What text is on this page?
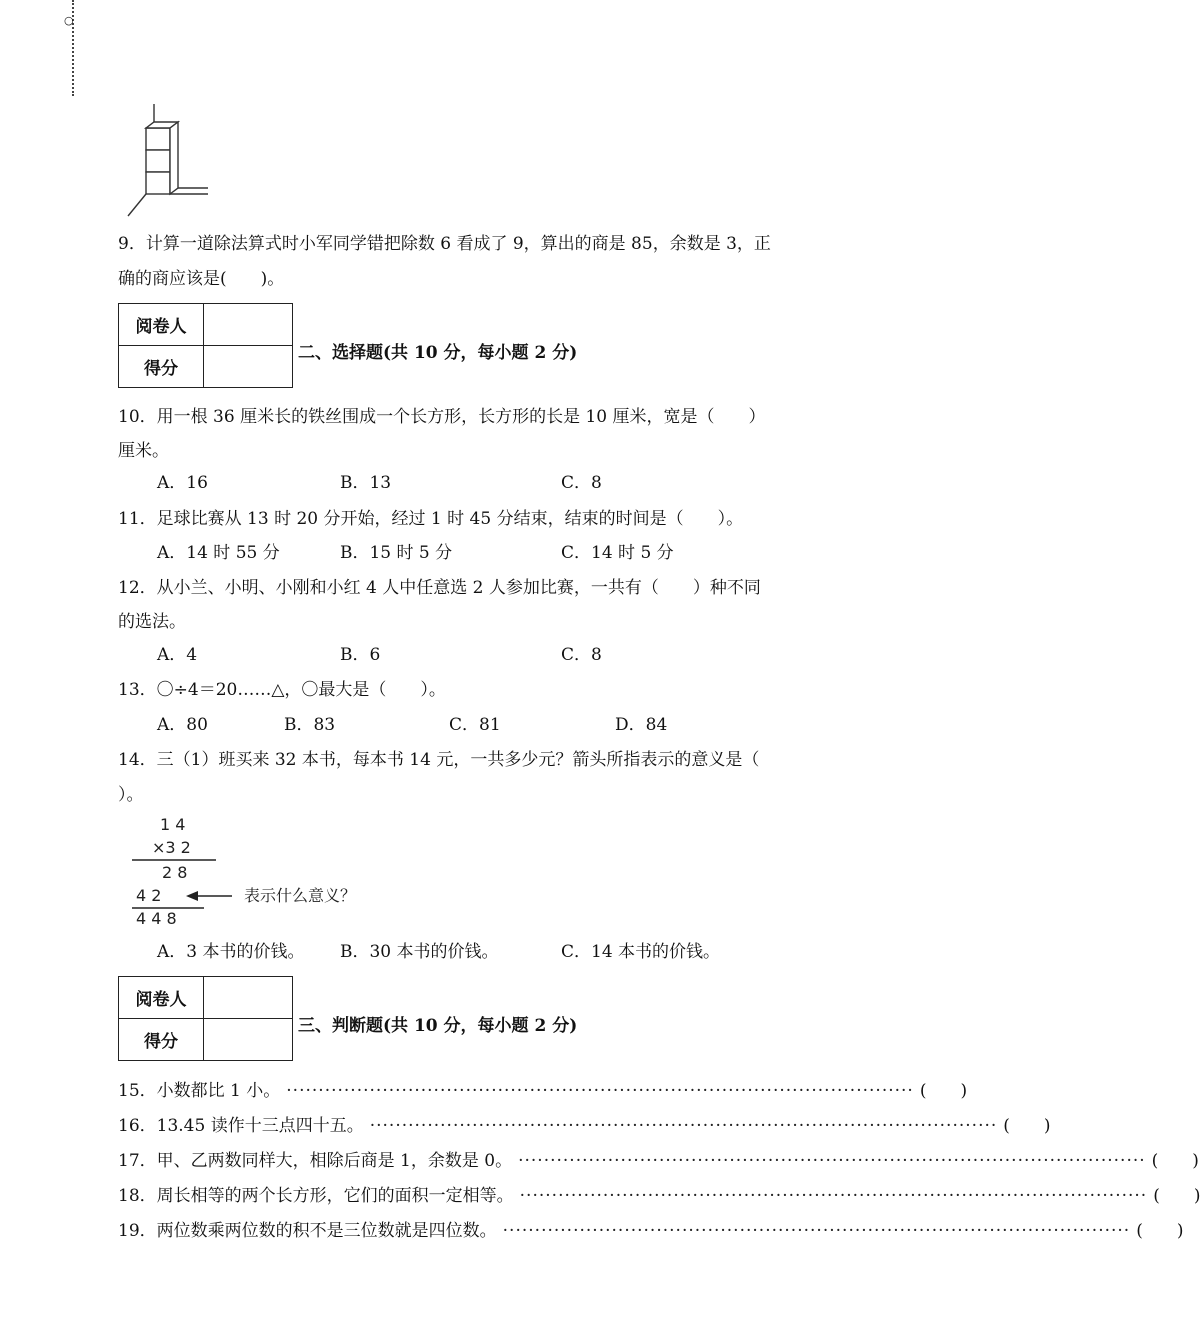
○
9．计算一道除法算式时小军同学错把除数 6 看成了 9，算出的商是 85，余数是 3，正
确的商应该是(　　)。
阅卷人	
得分	
二、选择题(共 10 分，每小题 2 分)
10．用一根 36 厘米长的铁丝围成一个长方形，长方形的长是 10 厘米，宽是（　　）
厘米。
A．16	B．13	C．8
11．足球比赛从 13 时 20 分开始，经过 1 时 45 分结束，结束的时间是（　　）。
A．14 时 55 分	B．15 时 5 分	C．14 时 5 分
12．从小兰、小明、小刚和小红 4 人中任意选 2 人参加比赛，一共有（　　）种不同
的选法。
A．4	B．6	C．8
13．〇÷4＝20……△，〇最大是（　　）。
A．80	B．83	C．81	D．84
14．三（1）班买来 32 本书，每本书 14 元，一共多少元？箭头所指表示的意义是（
）。
1 4
×3 2
2 8
4 2
4 4 8
表示什么意义？
A．3 本书的价钱。 B．30 本书的价钱。	C．14 本书的价钱。
阅卷人	
得分	
三、判断题(共 10 分，每小题 2 分)
15．小数都比 1 小。 ·································································································· (　　)
16．13.45 读作十三点四十五。 ·································································································· (　　)
17．甲、乙两数同样大，相除后商是 1，余数是 0。 ·································································································· (　　)
18．周长相等的两个长方形，它们的面积一定相等。 ·································································································· (　　)
19．两位数乘两位数的积不是三位数就是四位数。 ·································································································· (　　)
